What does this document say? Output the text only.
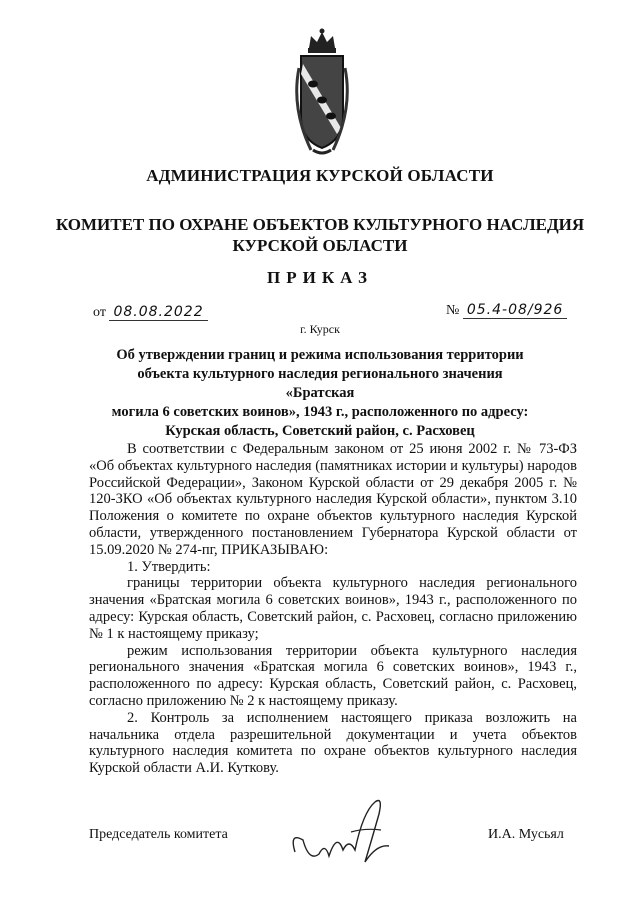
АДМИНИСТРАЦИЯ КУРСКОЙ ОБЛАСТИ
КОМИТЕТ ПО ОХРАНЕ ОБЪЕКТОВ КУЛЬТУРНОГО НАСЛЕДИЯ
КУРСКОЙ ОБЛАСТИ
ПРИКАЗ
от 08.08.2022	№ 05.4-08/926
г. Курск
Об утверждении границ и режима использования территории
объекта культурного наследия регионального значения «Братская
могила 6 советских воинов», 1943 г., расположенного по адресу:
Курская область, Советский район, с. Расховец

В соответствии с Федеральным законом от 25 июня 2002 г. № 73-ФЗ «Об объектах культурного наследия (памятниках истории и культуры) народов Российской Федерации», Законом Курской области от 29 декабря 2005 г. № 120-ЗКО «Об объектах культурного наследия Курской области», пунктом 3.10 Положения о комитете по охране объектов культурного наследия Курской области, утвержденного постановлением Губернатора Курской области от 15.09.2020 № 274-пг, ПРИКАЗЫВАЮ:

1. Утвердить:

границы территории объекта культурного наследия регионального значения «Братская могила 6 советских воинов», 1943 г., расположенного по адресу: Курская область, Советский район, с. Расховец, согласно приложению № 1 к настоящему приказу;

режим использования территории объекта культурного наследия регионального значения «Братская могила 6 советских воинов», 1943 г., расположенного по адресу: Курская область, Советский район, с. Расховец, согласно приложению № 2 к настоящему приказу.

2. Контроль за исполнением настоящего приказа возложить на начальника отдела разрешительной документации и учета объектов культурного наследия комитета по охране объектов культурного наследия Курской области А.И. Куткову.

Председатель комитета	И.А. Мусьял
